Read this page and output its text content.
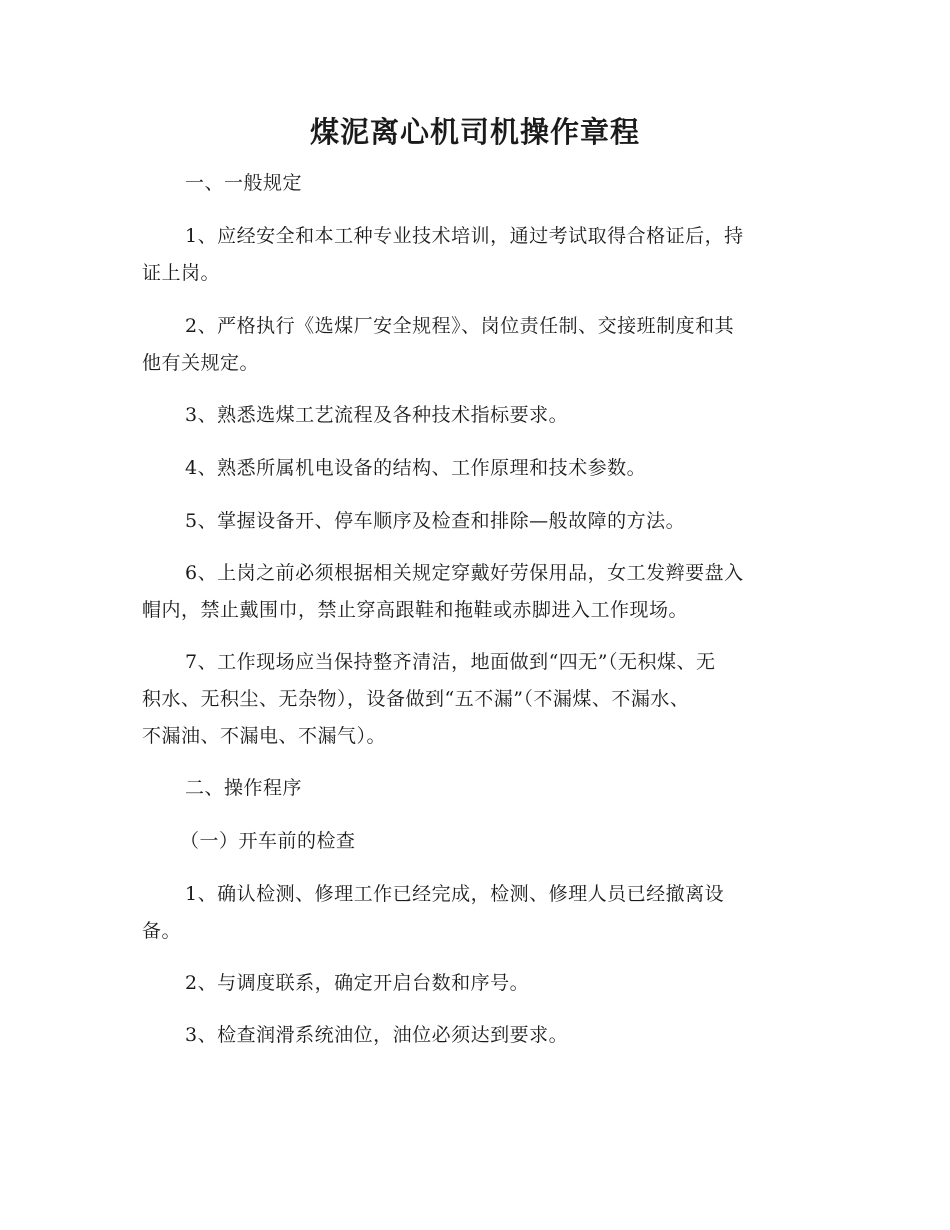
煤泥离心机司机操作章程
一、一般规定
1、应经安全和本工种专业技术培训，通过考试取得合格证后，持
证上岗。
2、严格执行《选煤厂安全规程》、岗位责任制、交接班制度和其
他有关规定。
3、熟悉选煤工艺流程及各种技术指标要求。
4、熟悉所属机电设备的结构、工作原理和技术参数。
5、掌握设备开、停车顺序及检查和排除—般故障的方法。
6、上岗之前必须根据相关规定穿戴好劳保用品，女工发辫要盘入
帽内，禁止戴围巾，禁止穿高跟鞋和拖鞋或赤脚进入工作现场。
7、工作现场应当保持整齐清洁，地面做到“四无”（无积煤、无
积水、无积尘、无杂物），设备做到“五不漏”（不漏煤、不漏水、
不漏油、不漏电、不漏气）。
二、操作程序
（一）开车前的检查
1、确认检测、修理工作已经完成，检测、修理人员已经撤离设
备。
2、与调度联系，确定开启台数和序号。
3、检查润滑系统油位，油位必须达到要求。
